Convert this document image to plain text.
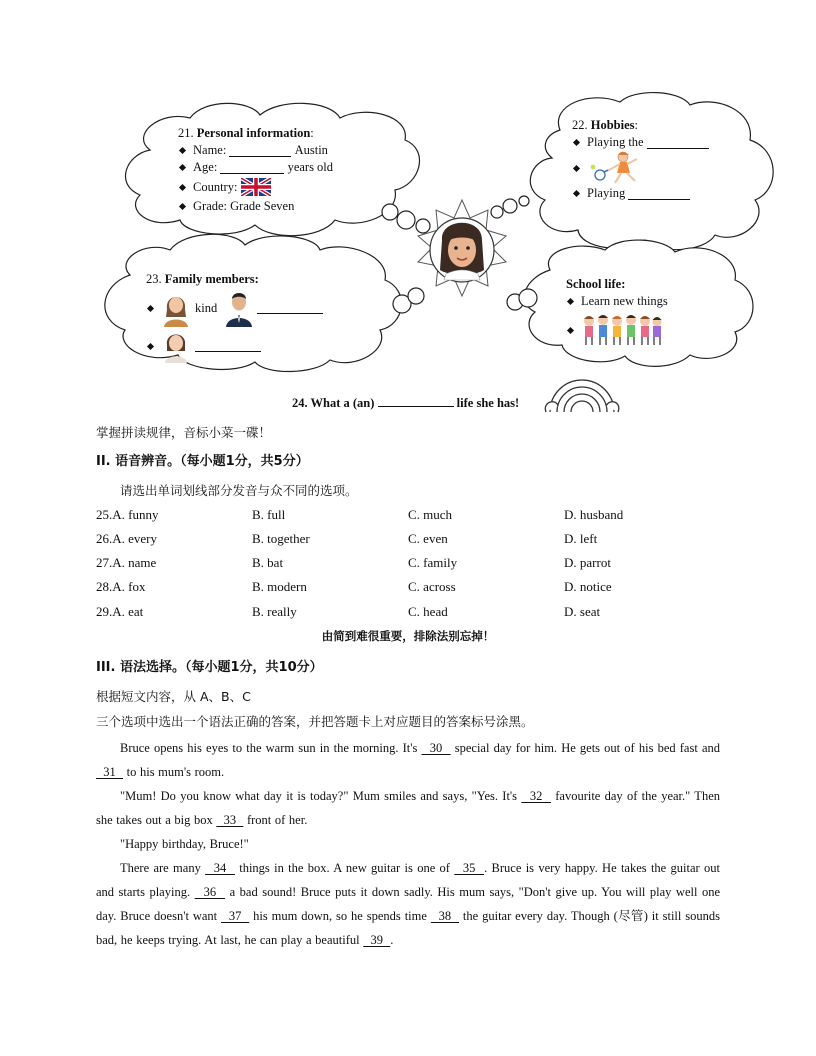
21.
Personal information :
Name:

	Austin
Age:

	years old
Country:

Grade: Grade Seven
22.
Hobbies :
Playing the

Playing

23.
Family members:
kind
School life:
Learn new things
24. What a (an)	life she has!
掌握拼读规律，音标小菜一碟！
II. 语音辨音。（每小题1分，共5分）
请选出单词划线部分发音与众不同的选项。
25.A. funny	B. full	C. much	D. husband
26.A. every	B. together	C. even	D. left
27.A. name	B. bat	C. family	D. parrot
28.A. fox	B. modern	C. across	D. notice
29.A. eat	B. really	C. head	D. seat
由简到难很重要，排除法别忘掉！
III. 语法选择。（每小题1分，共10分）
根据短文内容，从 A、B、C
三个选项中选出一个语法正确的答案，并把答题卡上对应题目的答案标号涂黑。

Bruce opens his eyes to the warm sun in the morning. It's   30   special day for him. He gets out of his bed fast and   31   to his mum's room.

"Mum! Do you know what day it is today?" Mum smiles and says, "Yes. It's   32   favourite day of the year." Then she takes out a big box   33   front of her.

"Happy birthday, Bruce!"

There are many   34   things in the box. A new guitar is one of   35  . Bruce is very happy. He takes the guitar out and starts playing.   36   a bad sound! Bruce puts it down sadly. His mum says, "Don't give up. You will play well one day. Bruce doesn't want   37   his mum down, so he spends time   38   the guitar every day. Though (尽管) it still sounds bad, he keeps trying. At last, he can play a beautiful   39  .
